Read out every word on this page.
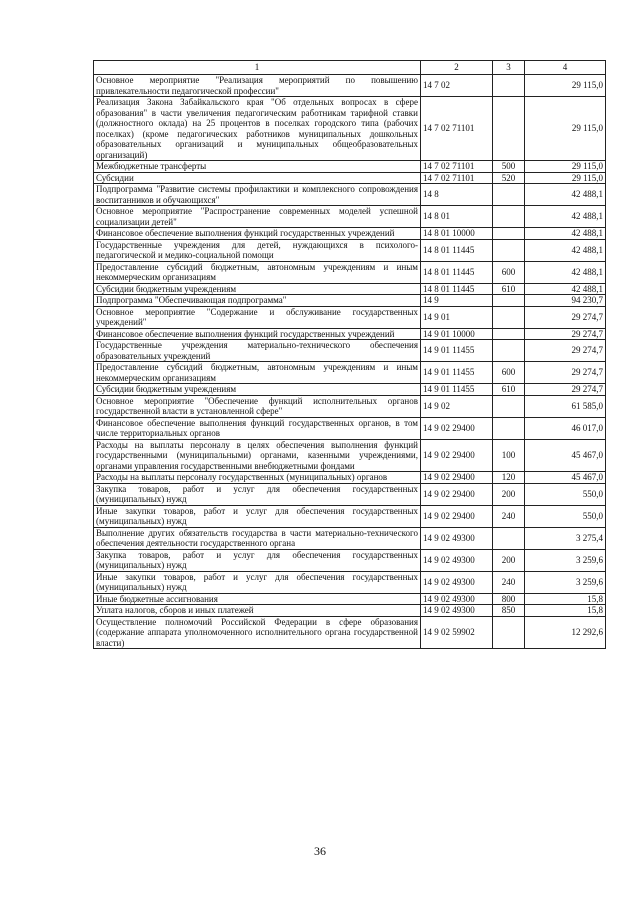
1	2	3	4
Основное мероприятие "Реализация мероприятий по повышению привлекательности педагогической профессии"	14 7 02		29 115,0
Реализация Закона Забайкальского края "Об отдельных вопросах в сфере образования" в части увеличения педагогическим работникам тарифной ставки (должностного оклада) на 25 процентов в поселках городского типа (рабочих поселках) (кроме педагогических работников муниципальных дошкольных образовательных организаций и муниципальных общеобразовательных организаций)	14 7 02 71101		29 115,0
Межбюджетные трансферты	14 7 02 71101	500	29 115,0
Субсидии	14 7 02 71101	520	29 115,0
Подпрограмма "Развитие системы профилактики и комплексного сопровождения воспитанников и обучающихся"	14 8		42 488,1
Основное мероприятие "Распространение современных моделей успешной социализации детей"	14 8 01		42 488,1
Финансовое обеспечение выполнения функций государственных учреждений	14 8 01 10000		42 488,1
Государственные учреждения для детей, нуждающихся в психолого-педагогической и медико-социальной помощи	14 8 01 11445		42 488,1
Предоставление субсидий бюджетным, автономным учреждениям и иным некоммерческим организациям	14 8 01 11445	600	42 488,1
Субсидии бюджетным учреждениям	14 8 01 11445	610	42 488,1
Подпрограмма "Обеспечивающая подпрограмма"	14 9		94 230,7
Основное мероприятие "Содержание и обслуживание государственных учреждений"	14 9 01		29 274,7
Финансовое обеспечение выполнения функций государственных учреждений	14 9 01 10000		29 274,7
Государственные учреждения материально-технического обеспечения образовательных учреждений	14 9 01 11455		29 274,7
Предоставление субсидий бюджетным, автономным учреждениям и иным некоммерческим организациям	14 9 01 11455	600	29 274,7
Субсидии бюджетным учреждениям	14 9 01 11455	610	29 274,7
Основное мероприятие "Обеспечение функций исполнительных органов государственной власти в установленной сфере"	14 9 02		61 585,0
Финансовое обеспечение выполнения функций государственных органов, в том числе территориальных органов	14 9 02 29400		46 017,0
Расходы на выплаты персоналу в целях обеспечения выполнения функций государственными (муниципальными) органами, казенными учреждениями, органами управления государственными внебюджетными фондами	14 9 02 29400	100	45 467,0
Расходы на выплаты персоналу государственных (муниципальных) органов	14 9 02 29400	120	45 467,0
Закупка товаров, работ и услуг для обеспечения государственных (муниципальных) нужд	14 9 02 29400	200	550,0
Иные закупки товаров, работ и услуг для обеспечения государственных (муниципальных) нужд	14 9 02 29400	240	550,0
Выполнение других обязательств государства в части материально-технического обеспечения деятельности государственного органа	14 9 02 49300		3 275,4
Закупка товаров, работ и услуг для обеспечения государственных (муниципальных) нужд	14 9 02 49300	200	3 259,6
Иные закупки товаров, работ и услуг для обеспечения государственных (муниципальных) нужд	14 9 02 49300	240	3 259,6
Иные бюджетные ассигнования	14 9 02 49300	800	15,8
Уплата налогов, сборов и иных платежей	14 9 02 49300	850	15,8
Осуществление полномочий Российской Федерации в сфере образования (содержание аппарата уполномоченного исполнительного органа государственной власти)	14 9 02 59902		12 292,6
36
